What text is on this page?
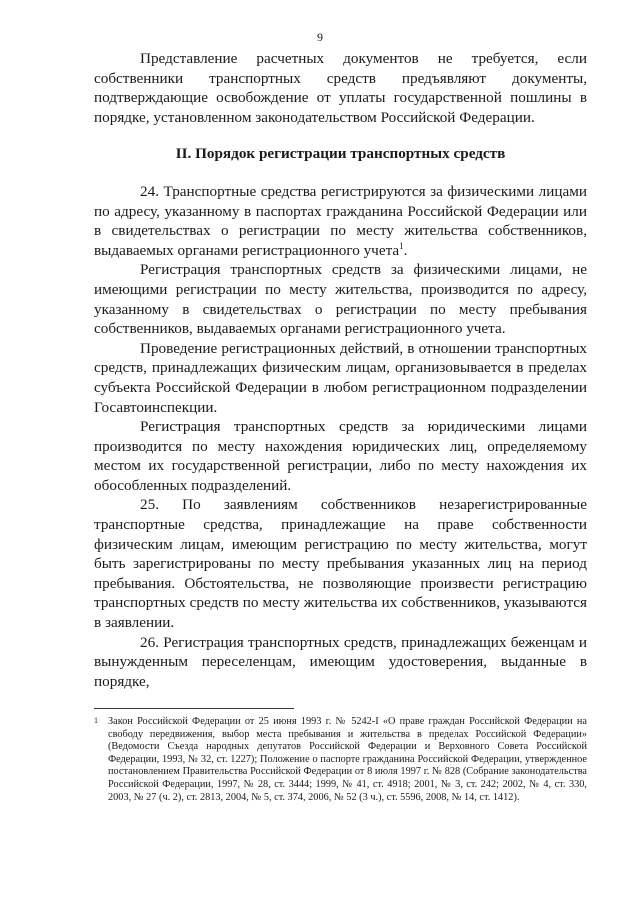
9

Представление расчетных документов не требуется, если собственники транспортных средств предъявляют документы, подтверждающие освобождение от уплаты государственной пошлины в порядке, установленном законодательством Российской Федерации.

II. Порядок регистрации транспортных средств

24. Транспортные средства регистрируются за физическими лицами по адресу, указанному в паспортах гражданина Российской Федерации или в свидетельствах о регистрации по месту жительства собственников, выдаваемых органами регистрационного учета$^1$.

Регистрация транспортных средств за физическими лицами, не имеющими регистрации по месту жительства, производится по адресу, указанному в свидетельствах о регистрации по месту пребывания собственников, выдаваемых органами регистрационного учета.

Проведение регистрационных действий, в отношении транспортных средств, принадлежащих физическим лицам, организовывается в пределах субъекта Российской Федерации в любом регистрационном подразделении Госавтоинспекции.

Регистрация транспортных средств за юридическими лицами производится по месту нахождения юридических лиц, определяемому местом их государственной регистрации, либо по месту нахождения их обособленных подразделений.

25. По заявлениям собственников незарегистрированные транспортные средства, принадлежащие на праве собственности физическим лицам, имеющим регистрацию по месту жительства, могут быть зарегистрированы по месту пребывания указанных лиц на период пребывания. Обстоятельства, не позволяющие произвести регистрацию транспортных средств по месту жительства их собственников, указываются в заявлении.

26. Регистрация транспортных средств, принадлежащих беженцам и вынужденным переселенцам, имеющим удостоверения, выданные в порядке,

1 Закон Российской Федерации от 25 июня 1993 г. № 5242-I «О праве граждан Российской Федерации на свободу передвижения, выбор места пребывания и жительства в пределах Российской Федерации» (Ведомости Съезда народных депутатов Российской Федерации и Верховного Совета Российской Федерации, 1993, № 32, ст. 1227); Положение о паспорте гражданина Российской Федерации, утвержденное постановлением Правительства Российской Федерации от 8 июля 1997 г. № 828 (Собрание законодательства Российской Федерации, 1997, № 28, ст. 3444; 1999, № 41, ст. 4918; 2001, № 3, ст. 242; 2002, № 4, ст. 330, 2003, № 27 (ч. 2), ст. 2813, 2004, № 5, ст. 374, 2006, № 52 (3 ч.), ст. 5596, 2008, № 14, ст. 1412).
